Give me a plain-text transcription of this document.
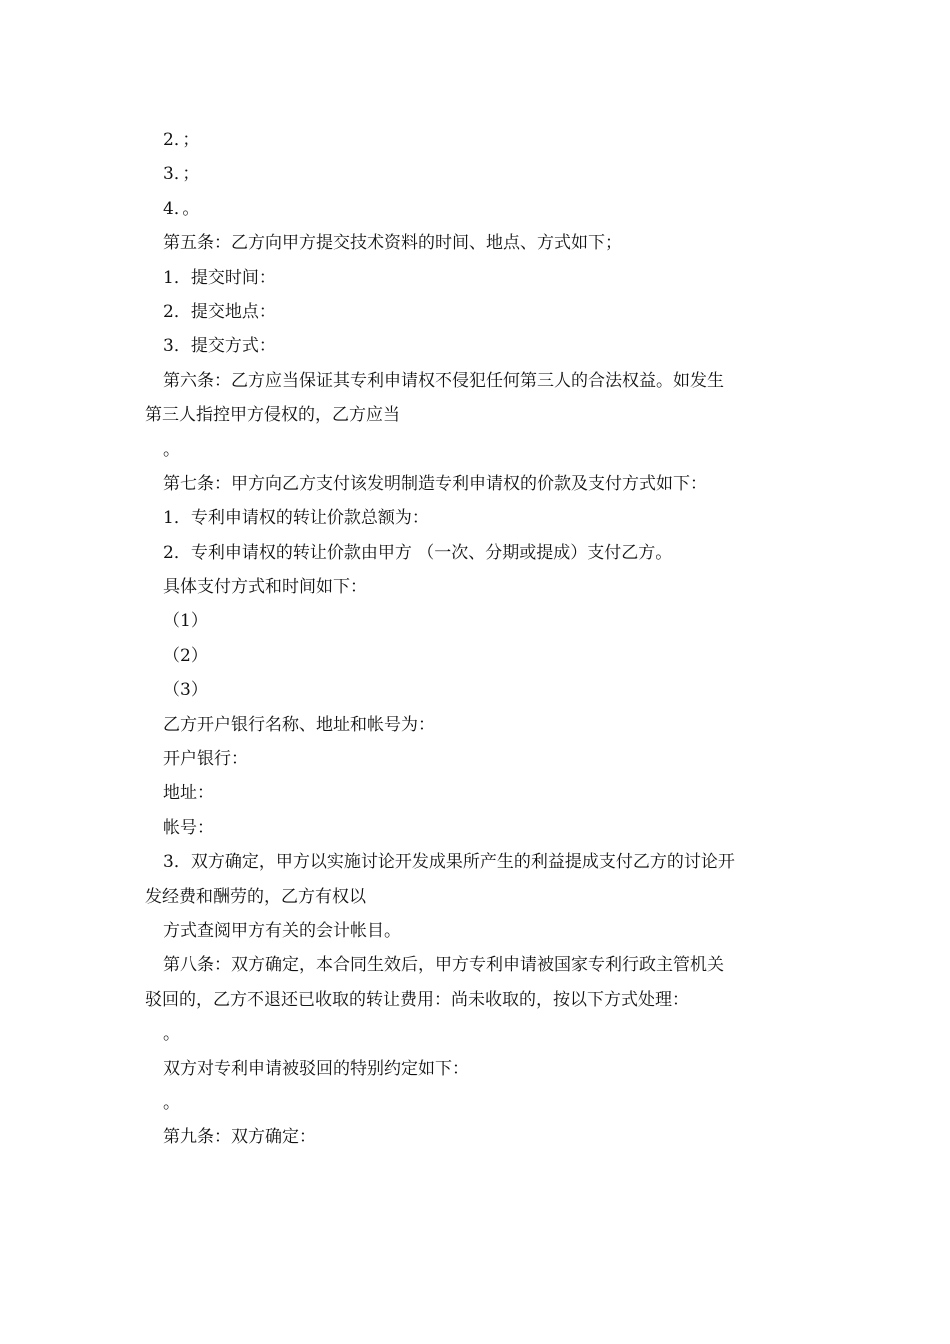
2．；
3．；
4．。
第五条：乙方向甲方提交技术资料的时间、地点、方式如下；
1．提交时间：
2．提交地点：
3．提交方式：
第六条：乙方应当保证其专利申请权不侵犯任何第三人的合法权益。如发生
第三人指控甲方侵权的，乙方应当
。
第七条：甲方向乙方支付该发明制造专利申请权的价款及支付方式如下：
1．专利申请权的转让价款总额为：
2．专利申请权的转让价款由甲方 （一次、分期或提成）支付乙方。
具体支付方式和时间如下：
（1）
（2）
（3）
乙方开户银行名称、地址和帐号为：
开户银行：
地址：
帐号：
3．双方确定，甲方以实施讨论开发成果所产生的利益提成支付乙方的讨论开
发经费和酬劳的，乙方有权以
方式查阅甲方有关的会计帐目。
第八条：双方确定，本合同生效后，甲方专利申请被国家专利行政主管机关
驳回的，乙方不退还已收取的转让费用：尚未收取的，按以下方式处理：
。
双方对专利申请被驳回的特别约定如下：
。
第九条：双方确定：
